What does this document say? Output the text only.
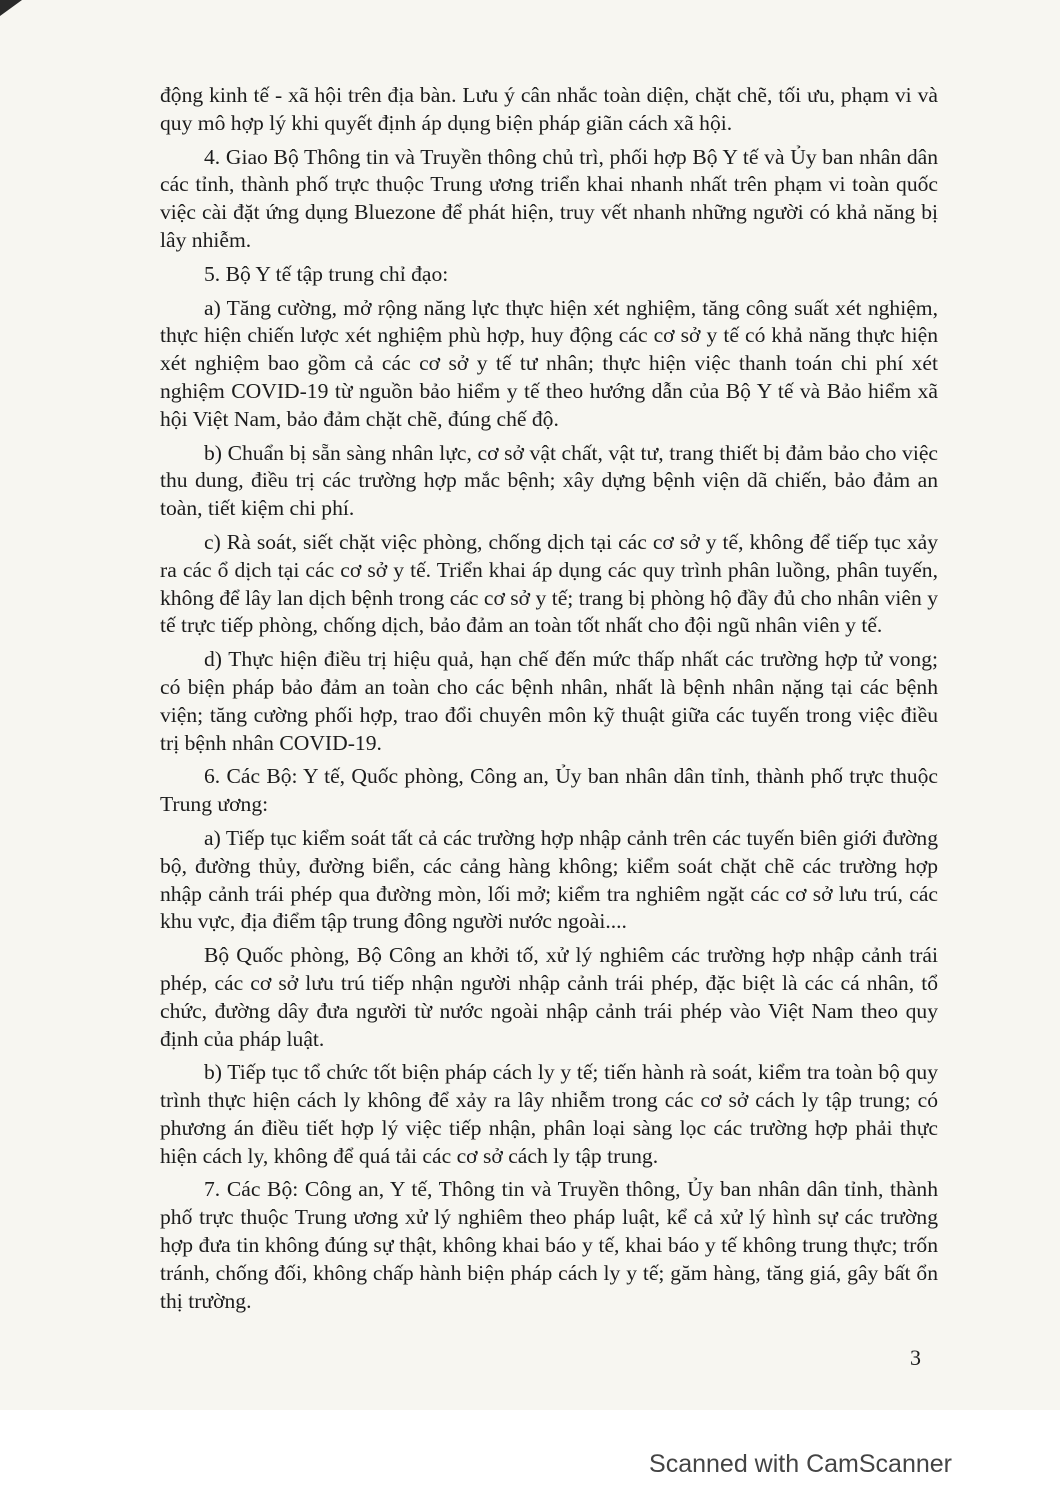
động kinh tế - xã hội trên địa bàn. Lưu ý cân nhắc toàn diện, chặt chẽ, tối ưu, phạm vi và quy mô hợp lý khi quyết định áp dụng biện pháp giãn cách xã hội.

4. Giao Bộ Thông tin và Truyền thông chủ trì, phối hợp Bộ Y tế và Ủy ban nhân dân các tỉnh, thành phố trực thuộc Trung ương triển khai nhanh nhất trên phạm vi toàn quốc việc cài đặt ứng dụng Bluezone để phát hiện, truy vết nhanh những người có khả năng bị lây nhiễm.

5. Bộ Y tế tập trung chỉ đạo:

a) Tăng cường, mở rộng năng lực thực hiện xét nghiệm, tăng công suất xét nghiệm, thực hiện chiến lược xét nghiệm phù hợp, huy động các cơ sở y tế có khả năng thực hiện xét nghiệm bao gồm cả các cơ sở y tế tư nhân; thực hiện việc thanh toán chi phí xét nghiệm COVID-19 từ nguồn bảo hiểm y tế theo hướng dẫn của Bộ Y tế và Bảo hiểm xã hội Việt Nam, bảo đảm chặt chẽ, đúng chế độ.

b) Chuẩn bị sẵn sàng nhân lực, cơ sở vật chất, vật tư, trang thiết bị đảm bảo cho việc thu dung, điều trị các trường hợp mắc bệnh; xây dựng bệnh viện dã chiến, bảo đảm an toàn, tiết kiệm chi phí.

c) Rà soát, siết chặt việc phòng, chống dịch tại các cơ sở y tế, không để tiếp tục xảy ra các ổ dịch tại các cơ sở y tế. Triển khai áp dụng các quy trình phân luồng, phân tuyến, không để lây lan dịch bệnh trong các cơ sở y tế; trang bị phòng hộ đầy đủ cho nhân viên y tế trực tiếp phòng, chống dịch, bảo đảm an toàn tốt nhất cho đội ngũ nhân viên y tế.

d) Thực hiện điều trị hiệu quả, hạn chế đến mức thấp nhất các trường hợp tử vong; có biện pháp bảo đảm an toàn cho các bệnh nhân, nhất là bệnh nhân nặng tại các bệnh viện; tăng cường phối hợp, trao đổi chuyên môn kỹ thuật giữa các tuyến trong việc điều trị bệnh nhân COVID-19.

6. Các Bộ: Y tế, Quốc phòng, Công an, Ủy ban nhân dân tỉnh, thành phố trực thuộc Trung ương:

a) Tiếp tục kiểm soát tất cả các trường hợp nhập cảnh trên các tuyến biên giới đường bộ, đường thủy, đường biển, các cảng hàng không; kiểm soát chặt chẽ các trường hợp nhập cảnh trái phép qua đường mòn, lối mở; kiểm tra nghiêm ngặt các cơ sở lưu trú, các khu vực, địa điểm tập trung đông người nước ngoài....

Bộ Quốc phòng, Bộ Công an khởi tố, xử lý nghiêm các trường hợp nhập cảnh trái phép, các cơ sở lưu trú tiếp nhận người nhập cảnh trái phép, đặc biệt là các cá nhân, tổ chức, đường dây đưa người từ nước ngoài nhập cảnh trái phép vào Việt Nam theo quy định của pháp luật.

b) Tiếp tục tổ chức tốt biện pháp cách ly y tế; tiến hành rà soát, kiểm tra toàn bộ quy trình thực hiện cách ly không để xảy ra lây nhiễm trong các cơ sở cách ly tập trung; có phương án điều tiết hợp lý việc tiếp nhận, phân loại sàng lọc các trường hợp phải thực hiện cách ly, không để quá tải các cơ sở cách ly tập trung.

7. Các Bộ: Công an, Y tế, Thông tin và Truyền thông, Ủy ban nhân dân tỉnh, thành phố trực thuộc Trung ương xử lý nghiêm theo pháp luật, kể cả xử lý hình sự các trường hợp đưa tin không đúng sự thật, không khai báo y tế, khai báo y tế không trung thực; trốn tránh, chống đối, không chấp hành biện pháp cách ly y tế; găm hàng, tăng giá, gây bất ổn thị trường.

3
Scanned with CamScanner
